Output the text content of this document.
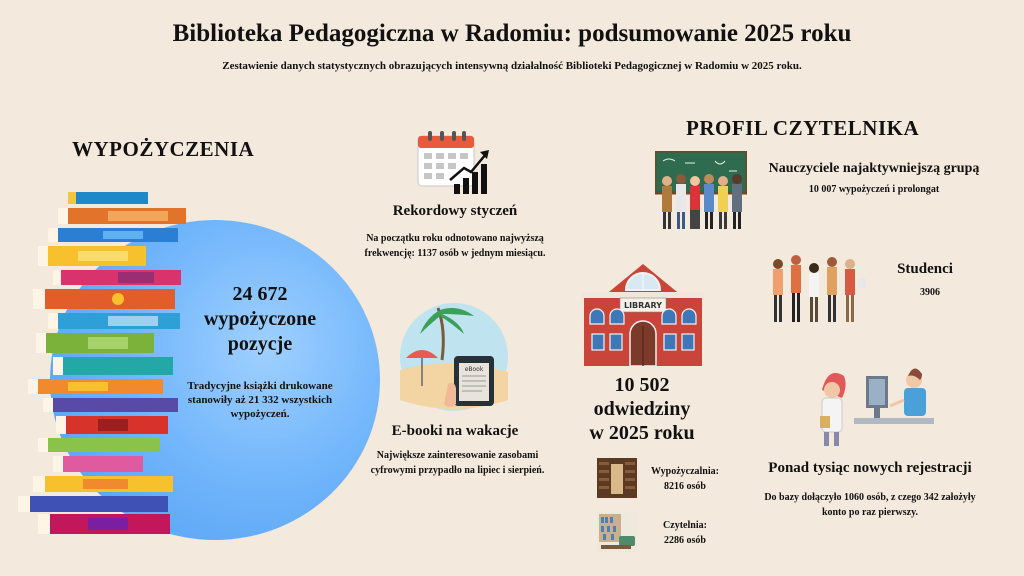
Biblioteka Pedagogiczna w Radomiu: podsumowanie 2025 roku
Zestawienie danych statystycznych obrazujących intensywną działalność Biblioteki Pedagogicznej w Radomiu w 2025 roku.
WYPOŻYCZENIA
24 672
wypożyczone
pozycje
Tradycyjne książki drukowane stanowiły aż 21 332 wszystkich wypożyczeń.
Rekordowy styczeń
Na początku roku odnotowano najwyższą frekwencję: 1137 osób w jednym miesiącu.
eBook
E-booki na wakacje
Największe zainteresowanie zasobami cyfrowymi przypadło na lipiec i sierpień.
LIBRARY
10 502
odwiedziny
w 2025 roku
Wypożyczalnia:
8216 osób
Czytelnia:
2286 osób
PROFIL CZYTELNIKA
Nauczyciele najaktywniejszą grupą
10 007 wypożyczeń i prolongat
Studenci
3906
Ponad tysiąc nowych rejestracji
Do bazy dołączyło 1060 osób, z czego 342 założyły konto po raz pierwszy.
